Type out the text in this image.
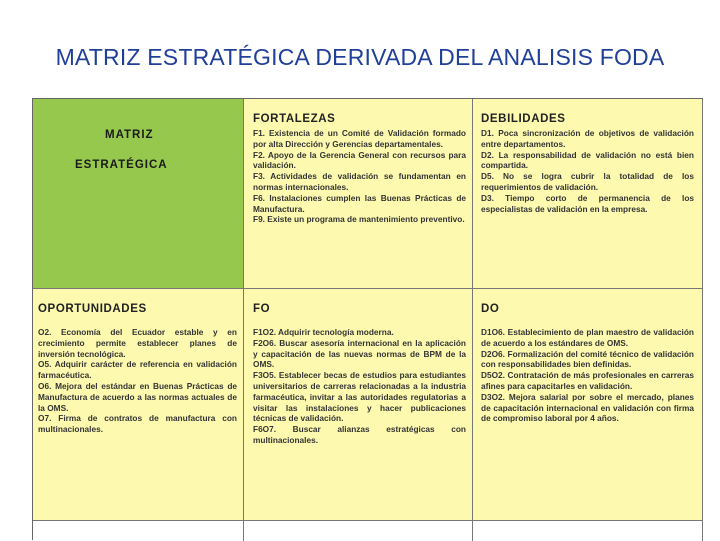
MATRIZ ESTRATÉGICA DERIVADA DEL ANALISIS FODA
MATRIZ
ESTRATÉGICA
FORTALEZAS
F1. Existencia de un Comité de Validación formado por alta Dirección y Gerencias departamentales.
F2. Apoyo de la Gerencia General con recursos para validación.
F3. Actividades de validación se fundamentan en normas internacionales.
F6. Instalaciones cumplen las Buenas Prácticas de Manufactura.
F9. Existe un programa de mantenimiento preventivo.
DEBILIDADES
D1. Poca sincronización de objetivos de validación entre departamentos.
D2. La responsabilidad de validación no está bien compartida.
D5. No se logra cubrir la totalidad de los requerimientos de validación.
D3. Tiempo corto de permanencia de los especialistas de validación en la empresa.
OPORTUNIDADES
O2. Economía del Ecuador estable y en crecimiento permite establecer planes de inversión tecnológica.
O5. Adquirir carácter de referencia en validación farmacéutica.
O6. Mejora del estándar en Buenas Prácticas de Manufactura de acuerdo a las normas actuales de la OMS.
O7. Firma de contratos de manufactura con multinacionales.
FO
F1O2. Adquirir tecnología moderna.
F2O6. Buscar asesoría internacional en la aplicación y capacitación de las nuevas normas de BPM de la OMS.
F3O5. Establecer becas de estudios para estudiantes universitarios de carreras relacionadas a la industria farmacéutica, invitar a las autoridades regulatorias a visitar las instalaciones y hacer publicaciones técnicas de validación.
F6O7. Buscar alianzas estratégicas con multinacionales.
DO
D1O6. Establecimiento de plan maestro de validación de acuerdo a los estándares de OMS.
D2O6. Formalización del comité técnico de validación con responsabilidades bien definidas.
D5O2. Contratación de más profesionales en carreras afines para capacitarles en validación.
D3O2. Mejora salarial por sobre el mercado, planes de capacitación internacional en validación con firma de compromiso laboral por 4 años.
